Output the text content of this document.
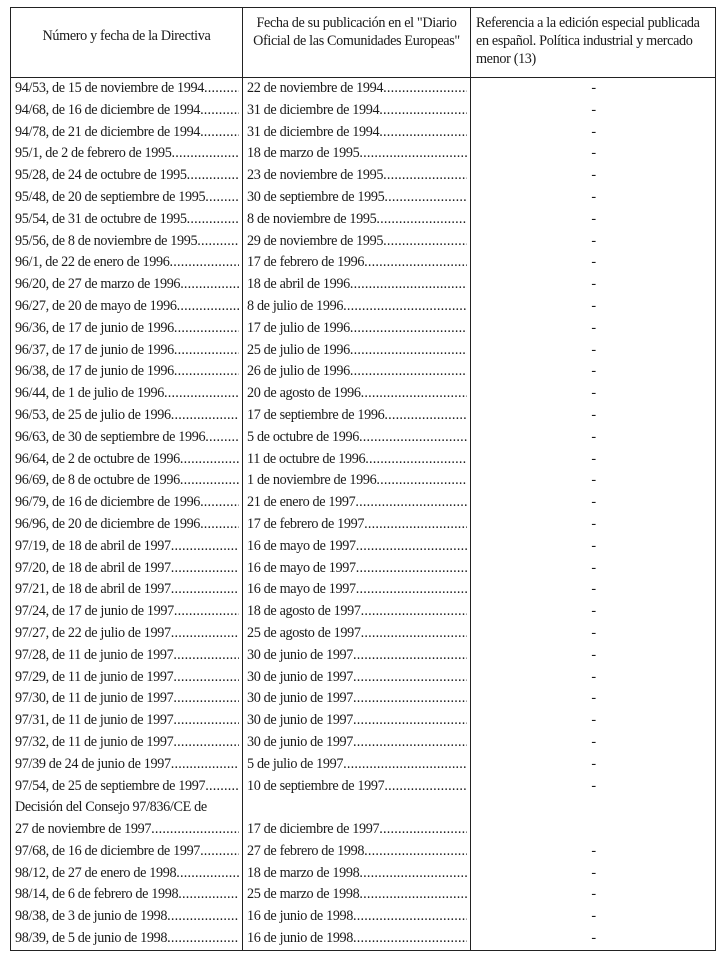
Número y fecha de la Directiva	Fecha de su publicación en el "Diario Oficial de las Comunidades Europeas"	Referencia a la edición especial publicada en español. Política industrial y mercado menor (13)

94/53, de 15 de noviembre de 1994 .....	22 de noviembre de 1994 .....	-

94/68, de 16 de diciembre de 1994 .....	31 de diciembre de 1994 .....	-

94/78, de 21 de diciembre de 1994 .....	31 de diciembre de 1994 .....	-

95/1, de 2 de febrero de 1995 .....	18 de marzo de 1995 .....	-

95/28, de 24 de octubre de 1995 .....	23 de noviembre de 1995 .....	-

95/48, de 20 de septiembre de 1995 .....	30 de septiembre de 1995 .....	-

95/54, de 31 de octubre de 1995 .....	8 de noviembre de 1995 .....	-

95/56, de 8 de noviembre de 1995 .....	29 de noviembre de 1995 .....	-

96/1, de 22 de enero de 1996 .....	17 de febrero de 1996 .....	-

96/20, de 27 de marzo de 1996 .....	18 de abril de 1996 .....	-

96/27, de 20 de mayo de 1996 .....	8 de julio de 1996 .....	-

96/36, de 17 de junio de 1996 .....	17 de julio de 1996 .....	-

96/37, de 17 de junio de 1996 .....	25 de julio de 1996 .....	-

96/38, de 17 de junio de 1996 .....	26 de julio de 1996 .....	-

96/44, de 1 de julio de 1996 .....	20 de agosto de 1996 .....	-

96/53, de 25 de julio de 1996 .....	17 de septiembre de 1996 .....	-

96/63, de 30 de septiembre de 1996 .....	5 de octubre de 1996 .....	-

96/64, de 2 de octubre de 1996 .....	11 de octubre de 1996 .....	-

96/69, de 8 de octubre de 1996 .....	1 de noviembre de 1996 .....	-

96/79, de 16 de diciembre de 1996 .....	21 de enero de 1997 .....	-

96/96, de 20 de diciembre de 1996 .....	17 de febrero de 1997 .....	-

97/19, de 18 de abril de 1997 .....	16 de mayo de 1997 .....	-

97/20, de 18 de abril de 1997 .....	16 de mayo de 1997 .....	-

97/21, de 18 de abril de 1997 .....	16 de mayo de 1997 .....	-

97/24, de 17 de junio de 1997 .....	18 de agosto de 1997 .....	-

97/27, de 22 de julio de 1997 .....	25 de agosto de 1997 .....	-

97/28, de 11 de junio de 1997 .....	30 de junio de 1997 .....	-

97/29, de 11 de junio de 1997 .....	30 de junio de 1997 .....	-

97/30, de 11 de junio de 1997 .....	30 de junio de 1997 .....	-

97/31, de 11 de junio de 1997 .....	30 de junio de 1997 .....	-

97/32, de 11 de junio de 1997 .....	30 de junio de 1997 .....	-

97/39 de 24 de junio de 1997 .....	5 de julio de 1997 .....	-

97/54, de 25 de septiembre de 1997 .....	10 de septiembre de 1997 .....	-

Decisión del Consejo 97/836/CE de
27 de noviembre de 1997 .....	17 de diciembre de 1997 .....

97/68, de 16 de diciembre de 1997 .....	27 de febrero de 1998 .....	-

98/12, de 27 de enero de 1998 .....	18 de marzo de 1998 .....	-

98/14, de 6 de febrero de 1998 .....	25 de marzo de 1998 .....	-

98/38, de 3 de junio de 1998 .....	16 de junio de 1998 .....	-

98/39, de 5 de junio de 1998 .....	16 de junio de 1998 .....	-
